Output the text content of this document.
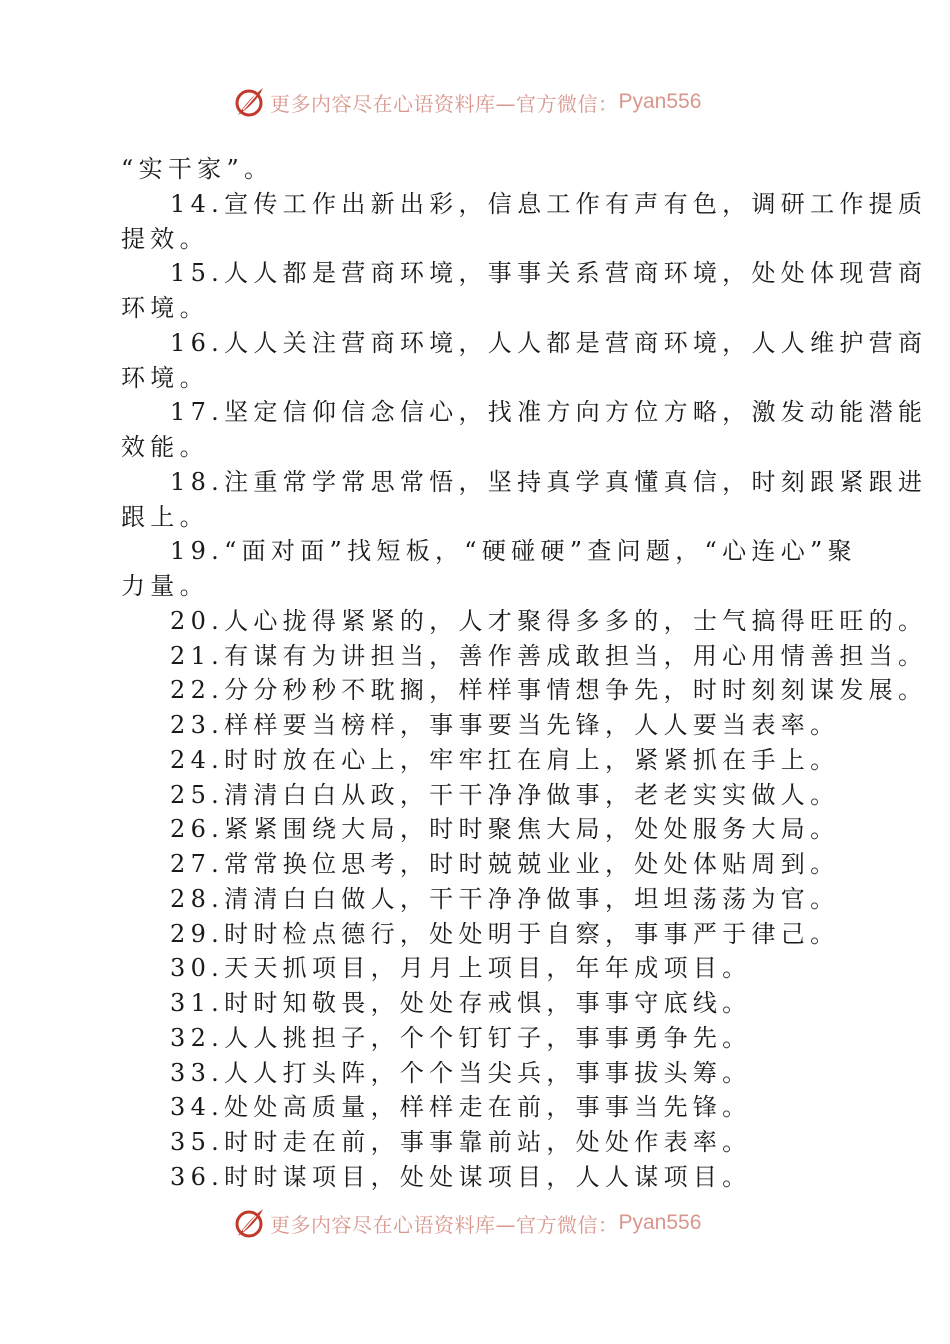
更多内容尽在心语资料库—官方微信： Pyan556
“实干家”。
14.宣传工作出新出彩，信息工作有声有色，调研工作提质
提效。
15.人人都是营商环境，事事关系营商环境，处处体现营商
环境。
16.人人关注营商环境，人人都是营商环境，人人维护营商
环境。
17.坚定信仰信念信心，找准方向方位方略，激发动能潜能
效能。
18.注重常学常思常悟，坚持真学真懂真信，时刻跟紧跟进
跟上。
19.“面对面”找短板，“硬碰硬”查问题，“心连心”聚
力量。
20.人心拢得紧紧的，人才聚得多多的，士气搞得旺旺的。
21.有谋有为讲担当，善作善成敢担当，用心用情善担当。
22.分分秒秒不耽搁，样样事情想争先，时时刻刻谋发展。
23.样样要当榜样，事事要当先锋，人人要当表率。
24.时时放在心上，牢牢扛在肩上，紧紧抓在手上。
25.清清白白从政，干干净净做事，老老实实做人。
26.紧紧围绕大局，时时聚焦大局，处处服务大局。
27.常常换位思考，时时兢兢业业，处处体贴周到。
28.清清白白做人，干干净净做事，坦坦荡荡为官。
29.时时检点德行，处处明于自察，事事严于律己。
30.天天抓项目，月月上项目，年年成项目。
31.时时知敬畏，处处存戒惧，事事守底线。
32.人人挑担子，个个钉钉子，事事勇争先。
33.人人打头阵，个个当尖兵，事事拔头筹。
34.处处高质量，样样走在前，事事当先锋。
35.时时走在前，事事靠前站，处处作表率。
36.时时谋项目，处处谋项目，人人谋项目。
更多内容尽在心语资料库—官方微信： Pyan556
